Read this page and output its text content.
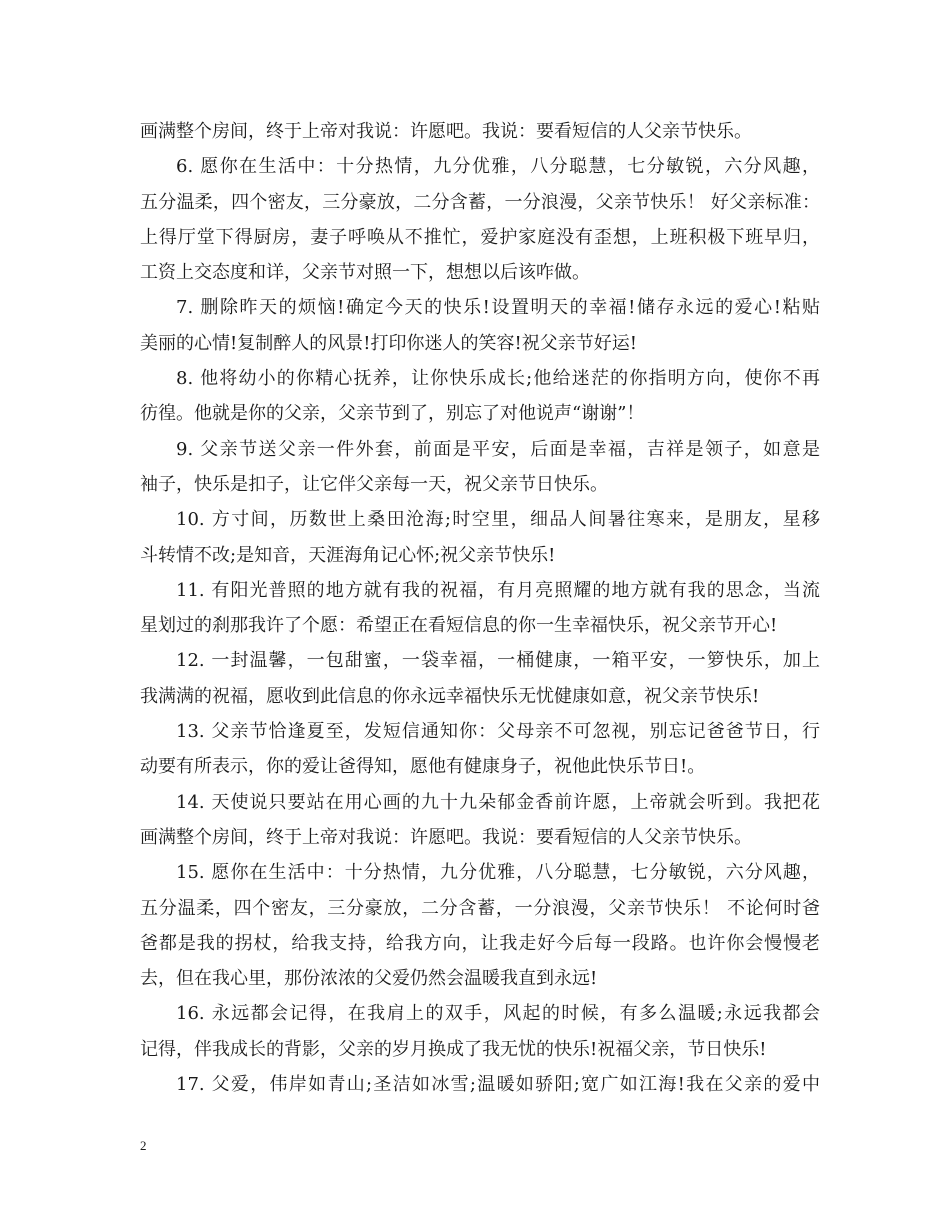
画满整个房间，终于上帝对我说：许愿吧。我说：要看短信的人父亲节快乐。
6. 愿你在生活中：十分热情，九分优雅，八分聪慧，七分敏锐，六分风趣，
五分温柔，四个密友，三分豪放，二分含蓄，一分浪漫，父亲节快乐！ 好父亲标准：
上得厅堂下得厨房，妻子呼唤从不推忙，爱护家庭没有歪想，上班积极下班早归，
工资上交态度和详，父亲节对照一下，想想以后该咋做。
7. 删除昨天的烦恼!确定今天的快乐!设置明天的幸福!储存永远的爱心!粘贴
美丽的心情!复制醉人的风景!打印你迷人的笑容!祝父亲节好运!
8. 他将幼小的你精心抚养，让你快乐成长;他给迷茫的你指明方向，使你不再
彷徨。他就是你的父亲，父亲节到了，别忘了对他说声“谢谢”！
9. 父亲节送父亲一件外套，前面是平安，后面是幸福，吉祥是领子，如意是
袖子，快乐是扣子，让它伴父亲每一天，祝父亲节日快乐。
10. 方寸间，历数世上桑田沧海;时空里，细品人间暑往寒来，是朋友，星移
斗转情不改;是知音，天涯海角记心怀;祝父亲节快乐!
11. 有阳光普照的地方就有我的祝福，有月亮照耀的地方就有我的思念，当流
星划过的刹那我许了个愿：希望正在看短信息的你一生幸福快乐，祝父亲节开心!
12. 一封温馨，一包甜蜜，一袋幸福，一桶健康，一箱平安，一箩快乐，加上
我满满的祝福，愿收到此信息的你永远幸福快乐无忧健康如意，祝父亲节快乐!
13. 父亲节恰逢夏至，发短信通知你：父母亲不可忽视，别忘记爸爸节日，行
动要有所表示，你的爱让爸得知，愿他有健康身子，祝他此快乐节日!。
14. 天使说只要站在用心画的九十九朵郁金香前许愿，上帝就会听到。我把花
画满整个房间，终于上帝对我说：许愿吧。我说：要看短信的人父亲节快乐。
15. 愿你在生活中：十分热情，九分优雅，八分聪慧，七分敏锐，六分风趣，
五分温柔，四个密友，三分豪放，二分含蓄，一分浪漫，父亲节快乐！ 不论何时爸
爸都是我的拐杖，给我支持，给我方向，让我走好今后每一段路。也许你会慢慢老
去，但在我心里，那份浓浓的父爱仍然会温暖我直到永远!
16. 永远都会记得，在我肩上的双手，风起的时候，有多么温暖;永远我都会
记得，伴我成长的背影，父亲的岁月换成了我无忧的快乐!祝福父亲，节日快乐!
17. 父爱，伟岸如青山;圣洁如冰雪;温暖如骄阳;宽广如江海!我在父亲的爱中
2
